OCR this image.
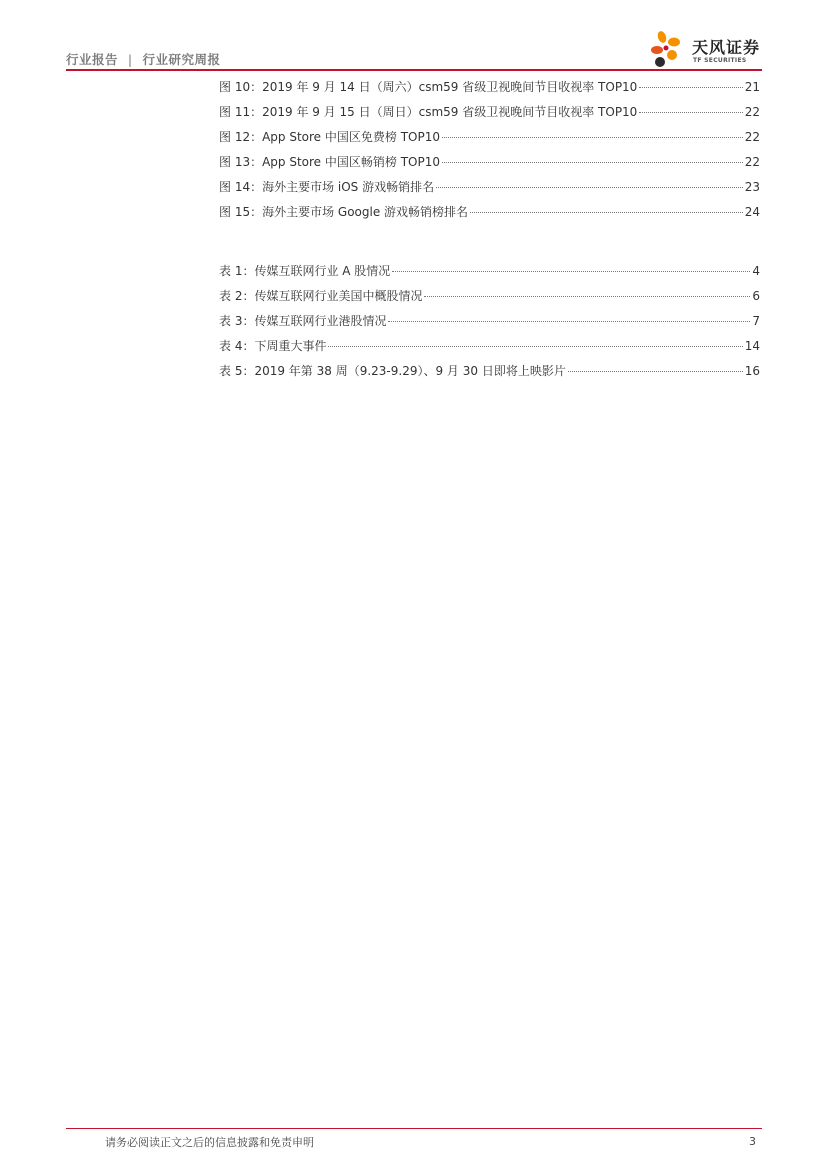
行业报告 | 行业研究周报
天风证券
TF SECURITIES
图 10：2019 年 9 月 14 日（周六）csm59 省级卫视晚间节目收视率 TOP10	21
图 11：2019 年 9 月 15 日（周日）csm59 省级卫视晚间节目收视率 TOP10	22
图 12：App Store 中国区免费榜 TOP10	22
图 13：App Store 中国区畅销榜 TOP10	22
图 14：海外主要市场 iOS 游戏畅销排名	23
图 15：海外主要市场 Google 游戏畅销榜排名	24
表 1：传媒互联网行业 A 股情况	4
表 2：传媒互联网行业美国中概股情况	6
表 3：传媒互联网行业港股情况	7
表 4：下周重大事件	14
表 5：2019 年第 38 周（9.23-9.29）、9 月 30 日即将上映影片	16
请务必阅读正文之后的信息披露和免责申明	3
